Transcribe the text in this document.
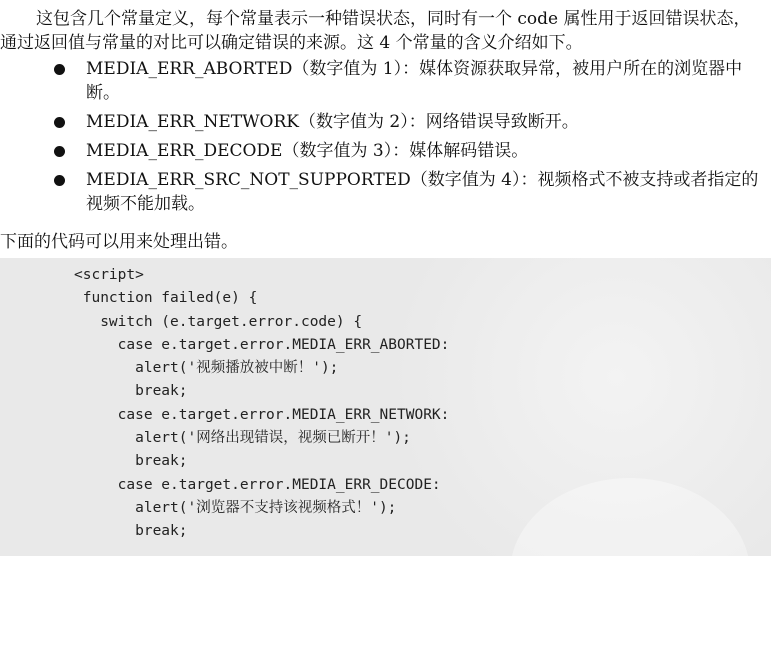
这包含几个常量定义，每个常量表示一种错误状态，同时有一个 code 属性用于返回错误状态，通过返回值与常量的对比可以确定错误的来源。这 4 个常量的含义介绍如下。

MEDIA_ERR_ABORTED（数字值为 1）：媒体资源获取异常，被用户所在的浏览器中断。
MEDIA_ERR_NETWORK（数字值为 2）：网络错误导致断开。
MEDIA_ERR_DECODE（数字值为 3）：媒体解码错误。
MEDIA_ERR_SRC_NOT_SUPPORTED（数字值为 4）：视频格式不被支持或者指定的视频不能加载。

下面的代码可以用来处理出错。

<script>
function failed(e) {
switch (e.target.error.code) {
case e.target.error.MEDIA_ERR_ABORTED:
alert('视频播放被中断！');
break;
case e.target.error.MEDIA_ERR_NETWORK:
alert('网络出现错误，视频已断开！');
break;
case e.target.error.MEDIA_ERR_DECODE:
alert('浏览器不支持该视频格式！');
break;
